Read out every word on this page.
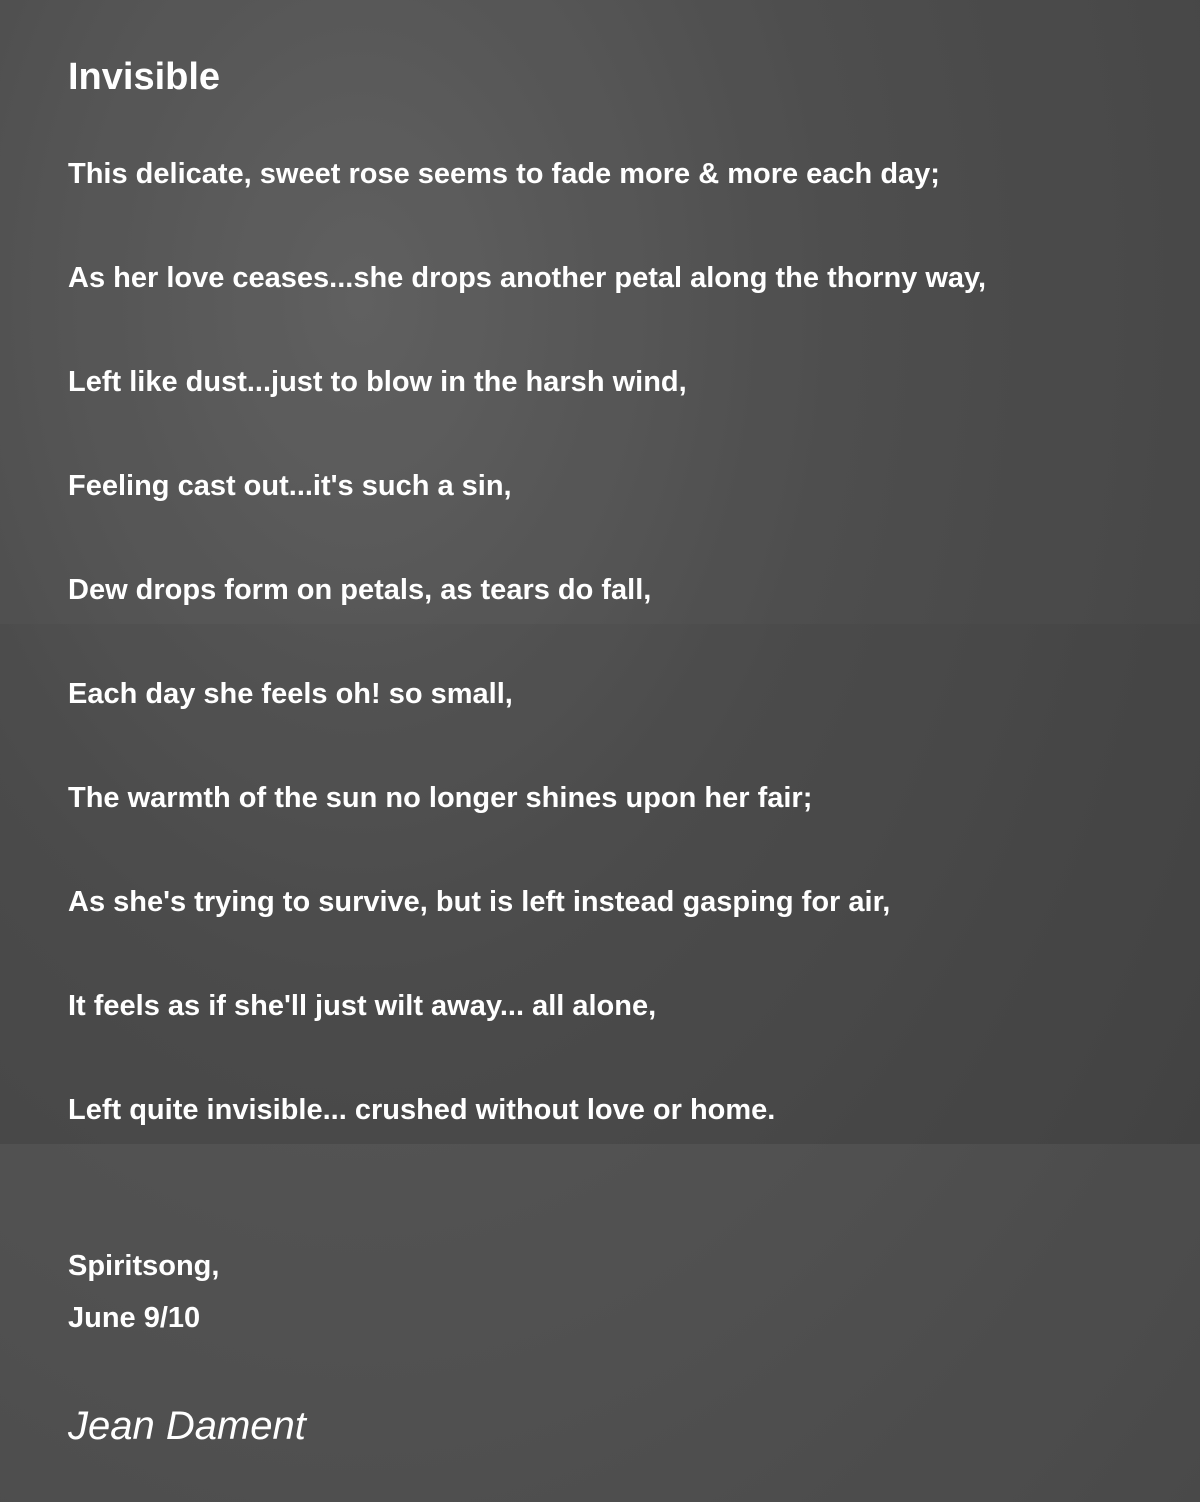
Invisible
This delicate, sweet rose seems to fade more & more each day;
As her love ceases...she drops another petal along the thorny way,
Left like dust...just to blow in the harsh wind,
Feeling cast out...it's such a sin,
Dew drops form on petals, as tears do fall,
Each day she feels oh! so small,
The warmth of the sun no longer shines upon her fair;
As she's trying to survive, but is left instead gasping for air,
It feels as if she'll just wilt away... all alone,
Left quite invisible... crushed without love or home.
Spiritsong,
June 9/10
Jean Dament
